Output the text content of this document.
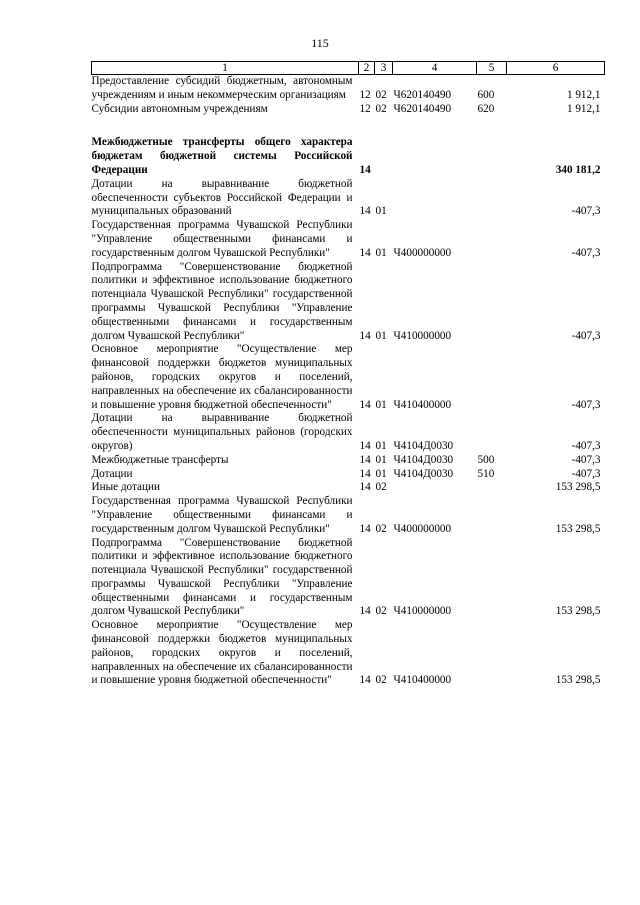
115
1	2	3	4	5	6
Предоставление субсидий бюджетным, автономным учреждениям и иным некоммерческим организациям	12	02	Ч620140490	600	1 912,1
Субсидии автономным учреждениям	12	02	Ч620140490	620	1 912,1

Межбюджетные трансферты общего характера бюджетам бюджетной системы Российской Федерации	14				340 181,2
Дотации на выравнивание бюджетной обеспеченности субъектов Российской Федерации и муниципальных образований	14	01			-407,3
Государственная программа Чувашской Республики "Управление общественными финансами и государственным долгом Чувашской Республики"	14	01	Ч400000000		-407,3
Подпрограмма "Совершенствование бюджетной политики и эффективное использование бюджетного потенциала Чувашской Республики" государственной программы Чувашской Республики "Управление общественными финансами и государственным долгом Чувашской Республики"	14	01	Ч410000000		-407,3
Основное мероприятие "Осуществление мер финансовой поддержки бюджетов муниципальных районов, городских округов и поселений, направленных на обеспечение их сбалансированности и повышение уровня бюджетной обеспеченности"	14	01	Ч410400000		-407,3
Дотации на выравнивание бюджетной обеспеченности муниципальных районов (городских округов)	14	01	Ч4104Д0030		-407,3
Межбюджетные трансферты	14	01	Ч4104Д0030	500	-407,3
Дотации	14	01	Ч4104Д0030	510	-407,3
Иные дотации	14	02			153 298,5
Государственная программа Чувашской Республики "Управление общественными финансами и государственным долгом Чувашской Республики"	14	02	Ч400000000		153 298,5
Подпрограмма "Совершенствование бюджетной политики и эффективное использование бюджетного потенциала Чувашской Республики" государственной программы Чувашской Республики "Управление общественными финансами и государственным долгом Чувашской Республики"	14	02	Ч410000000		153 298,5
Основное мероприятие "Осуществление мер финансовой поддержки бюджетов муниципальных районов, городских округов и поселений, направленных на обеспечение их сбалансированности и повышение уровня бюджетной обеспеченности"	14	02	Ч410400000		153 298,5
